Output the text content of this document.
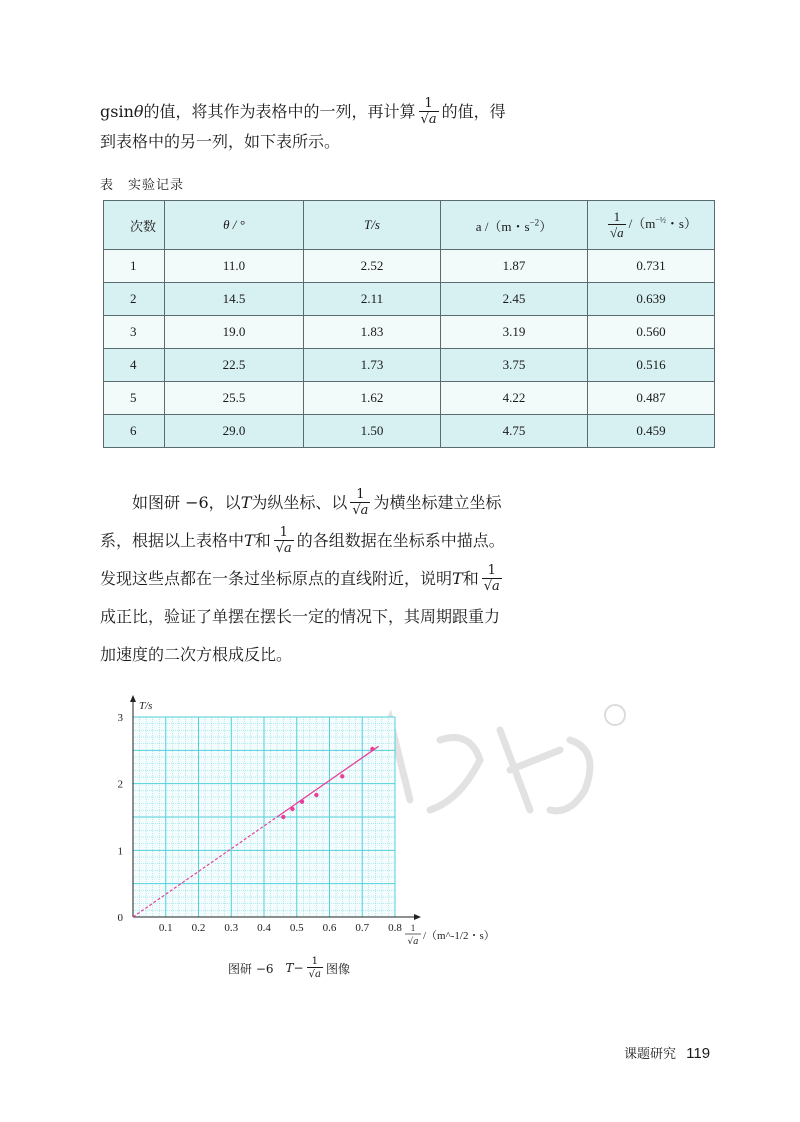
gsin θ 的值，将其作为表格中的一列，再计算 1
√ a 的值，得
到表格中的另一列，如下表所示。
表　实验记录
次数	θ / °	T/s	a /（m・$s^{-2}$）	1
√ a $/(m^{-\frac{1}{2}}$・s）
1	11.0	2.52	1.87	0.731
2	14.5	2.11	2.45	0.639
3	19.0	1.83	3.19	0.560
4	22.5	1.73	3.75	0.516
5	25.5	1.62	4.22	0.487
6	29.0	1.50	4.75	0.459
如图研 −6，以 T 为纵坐标、以 1
√ a 为横坐标建立坐标
系，根据以上表格中 T 和 1
√ a 的各组数据在坐标系中描点。
发现这些点都在一条过坐标原点的直线附近，说明 T 和 1
√ a
成正比，验证了单摆在摆长一定的情况下，其周期跟重力
加速度的二次方根成反比。
T/s
0.1 0.2 0.3 0.4 0.5 0.6 0.7 0.8
0
1
2
3
1
√a /（m^-1/2・s）
图研 −6　 T − 1
√ a 图像
课题研究 119
